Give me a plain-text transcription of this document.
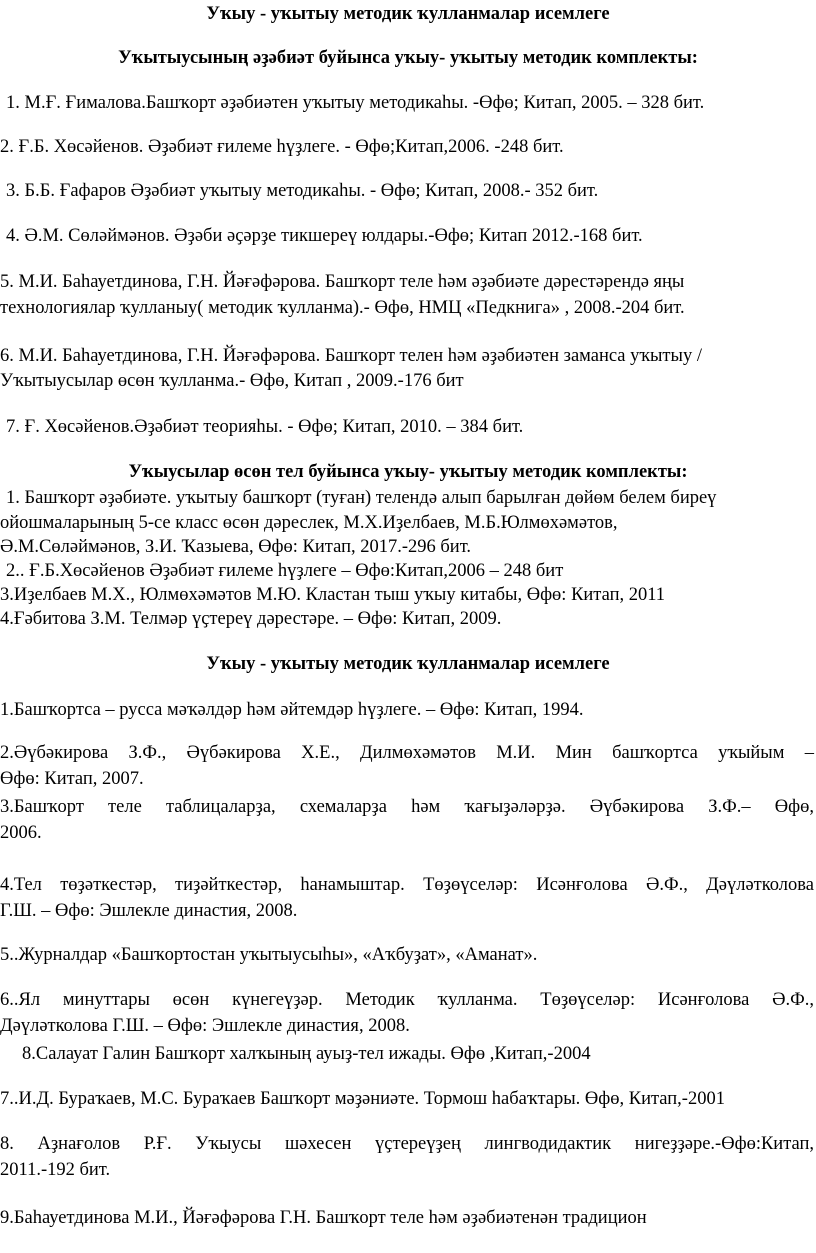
Уҡыу - уҡытыу методик ҡулланмалар исемлеге
Уҡытыусының әҙәбиәт буйынса уҡыу- уҡытыу методик комплекты:
1. М.Ғ. Ғималова.Башҡорт әҙәбиәтен уҡытыу методикаһы. -Өфө; Китап, 2005. – 328 бит.
2. Ғ.Б. Хөсәйенов. Әҙәбиәт ғилеме һүҙлеге. - Өфө;Китап,2006. -248 бит.
3. Б.Б. Ғафаров Әҙәбиәт уҡытыу методикаһы. - Өфө; Китап, 2008.- 352 бит.
4. Ә.М. Сөләймәнов. Әҙәби әҫәрҙе тикшереү юлдары.-Өфө; Китап 2012.-168 бит.
5. М.И. Баһауетдинова, Г.Н. Йәғәфәрова. Башҡорт теле һәм әҙәбиәте дәрестәрендә яңы
технологиялар ҡулланыу( методик ҡулланма).- Өфө, НМЦ «Педкнига» , 2008.-204 бит.
6. М.И. Баһауетдинова, Г.Н. Йәғәфәрова. Башҡорт телен һәм әҙәбиәтен заманса уҡытыу /
Уҡытыусылар өсөн ҡулланма.- Өфө, Китап , 2009.-176 бит
7. Ғ. Хөсәйенов.Әҙәбиәт теорияһы. - Өфө; Китап, 2010. – 384 бит.
Уҡыусылар өсөн тел буйынса уҡыу- уҡытыу методик комплекты:
1. Башҡорт әҙәбиәте. уҡытыу башҡорт (туған) телендә алып барылған дөйөм белем биреү
ойошмаларының 5-се класс өсөн дәреслек, М.Х.Иҙелбаев, М.Б.Юлмөхәмәтов,
Ә.М.Сөләймәнов, З.И. Ҡазыева, Өфө: Китап, 2017.-296 бит.
2.. Ғ.Б.Хөсәйенов Әҙәбиәт ғилеме һүҙлеге – Өфө:Китап,2006 – 248 бит
3.Иҙелбаев М.Х., Юлмөхәмәтов М.Ю. Кластан тыш уҡыу китабы, Өфө: Китап, 2011
4.Ғәбитова З.М. Телмәр үҫтереү дәрестәре. – Өфө: Китап, 2009.
Уҡыу - уҡытыу методик ҡулланмалар исемлеге
1.Башҡортса – русса мәҡәлдәр һәм әйтемдәр һүҙлеге. – Өфө: Китап, 1994.
2.Әүбәкирова З.Ф., Әүбәкирова Х.Е., Дилмөхәмәтов М.И. Мин башҡортса уҡыйым –
Өфө: Китап, 2007.
3.Башҡорт теле таблицаларҙа, схемаларҙа һәм ҡағыҙәләрҙә. Әүбәкирова З.Ф.– Өфө,
2006.
4.Тел төҙәткестәр, тиҙәйткестәр, һанамыштар. Төҙөүселәр: Исәнғолова Ә.Ф., Дәүләтколова
Г.Ш. – Өфө: Эшлекле династия, 2008.
5..Журналдар «Башҡортостан уҡытыусыһы», «Аҡбуҙат», «Аманат».
6..Ял минуттары өсөн күнегеүҙәр. Методик ҡулланма. Төҙөүселәр: Исәнғолова Ә.Ф.,
Дәүләтколова Г.Ш. – Өфө: Эшлекле династия, 2008.
8.Салауат Галин Башҡорт халҡының ауыҙ-тел ижады. Өфө ,Китап,-2004
7..И.Д. Бураҡаев, М.С. Бураҡаев Башҡорт мәҙәниәте. Тормош һабаҡтары. Өфө, Китап,-2001
8. Аҙнағолов Р.Ғ. Уҡыусы шәхесен үҫтереүҙең лингводидактик нигеҙҙәре.-Өфө:Китап,
2011.-192 бит.
9.Баһауетдинова М.И., Йәғәфәрова Г.Н. Башҡорт теле һәм әҙәбиәтенән традицион
